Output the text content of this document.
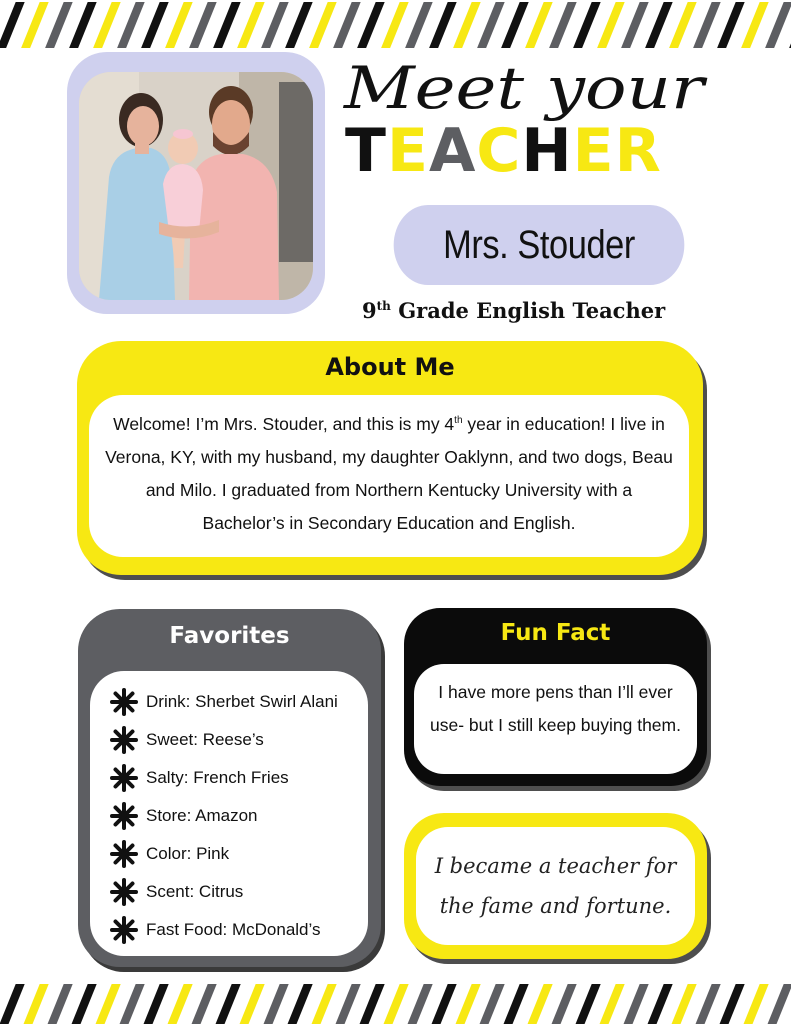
Meet your
TEACHER
Mrs. Stouder
9th Grade English Teacher
About Me
Welcome! I’m Mrs. Stouder, and this is my 4th year in education! I live in Verona, KY, with my husband, my daughter Oaklynn, and two dogs, Beau and Milo. I graduated from Northern Kentucky University with a Bachelor’s in Secondary Education and English.
Favorites
Drink: Sherbet Swirl Alani
Sweet: Reese’s
Salty: French Fries
Store: Amazon
Color: Pink
Scent: Citrus
Fast Food: McDonald’s
Fun Fact
I have more pens than I’ll ever use- but I still keep buying them.
I became a teacher for the fame and fortune.
